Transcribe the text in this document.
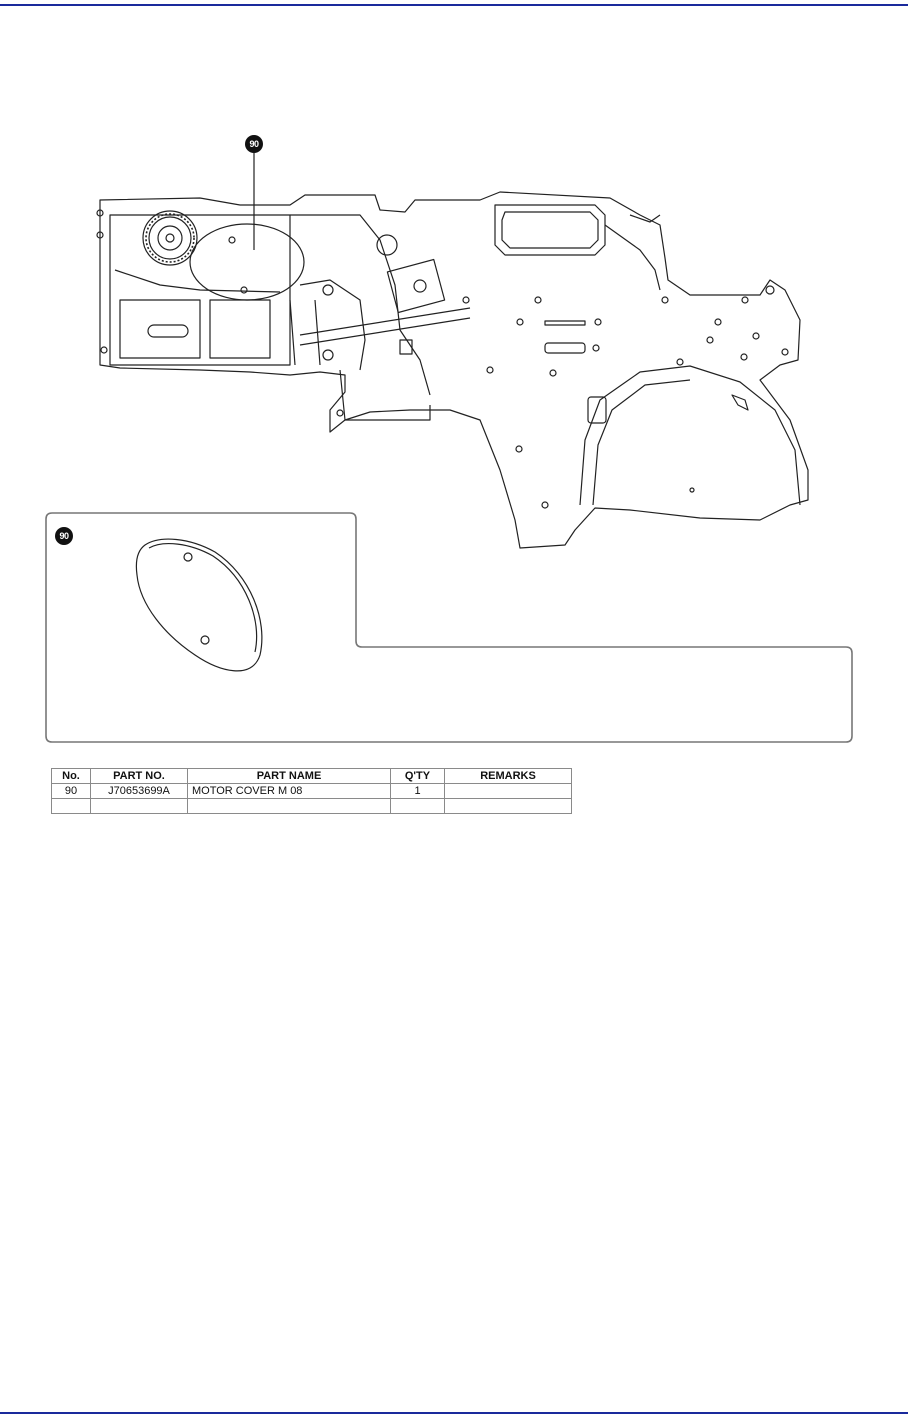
90
90
No.	PART NO.	PART NAME	Q'TY	REMARKS
90	J70653699A	MOTOR COVER M 08	1	
